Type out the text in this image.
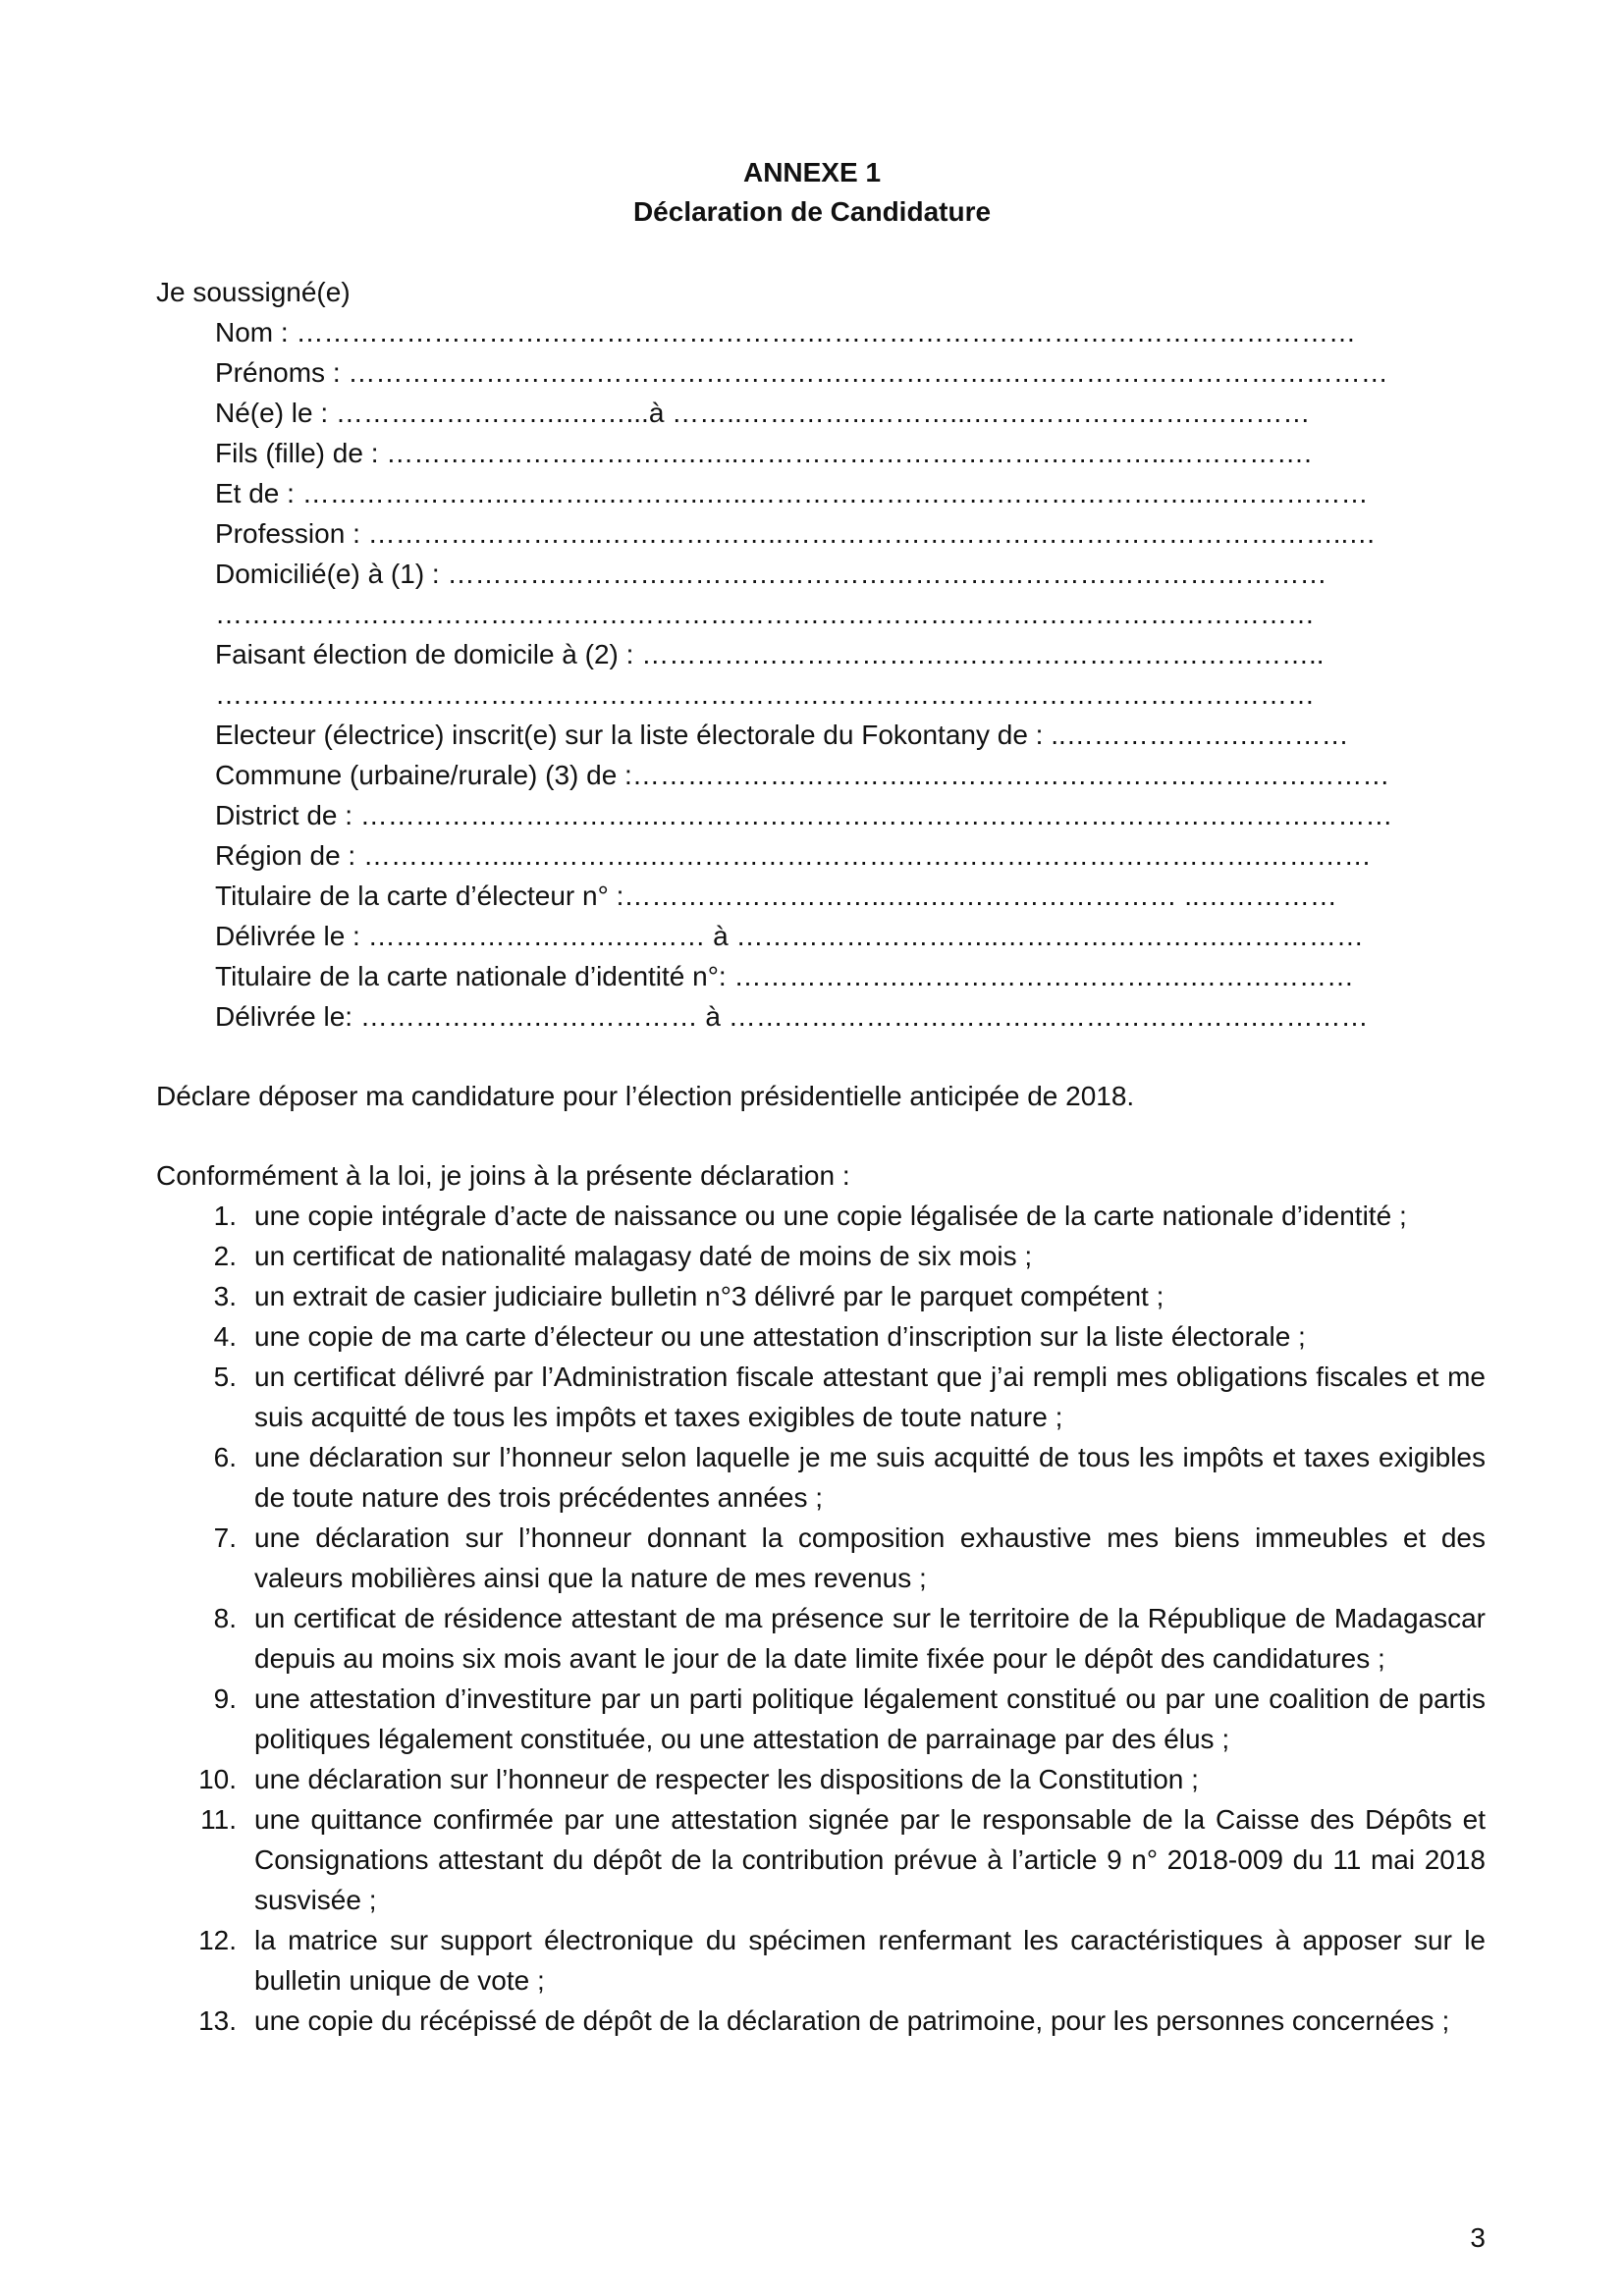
ANNEXE 1
Déclaration de Candidature
Je soussigné(e)
Nom : ……………………….……………………….……………………………………………………
Prénoms : ……………………………………………….……………..……………………………………
Né(e) le : ……………………..……...à ……..…………..………...…………………….…………
Fils (fille) de : …………………………….…..………………………………………..…………….
Et de : …………………..………..………..…..…………………………………………..………………
Profession : ……………………..………………..……………………………………………………..…
Domicilié(e) à (1) : ……………………………………………………………………………………
…………………………………………………………………………………………………………
Faisant élection de domicile à (2) : …………………………….…………………………………..
…………………………………………………………………………………………………………
Electeur (électrice) inscrit(e) sur la liste électorale du Fokontany de : ..……………….…………
Commune (urbaine/rurale) (3) de :…………………………..……………………………………………
District de : …………………………..………………………………………………………………………
Région de : ……………...…………..………………………………………………………….…………
Titulaire de la carte d’électeur n° :………………………..…..……………………… ..……………
Délivrée le : ……………………….……… à ………………………..…………………….……………
Titulaire de la carte nationale d’identité n°: ……………….………………………….………………
Délivrée le: ……………….……………… à ………………………………………………….…………
Déclare déposer ma candidature pour l’élection présidentielle anticipée de 2018.
Conformément à la loi, je joins à la présente déclaration :
1. une copie intégrale d’acte de naissance ou une copie légalisée de la carte nationale d’identité ;
2. un certificat de nationalité malagasy daté de moins de six mois ;
3. un extrait de casier judiciaire bulletin n°3 délivré par le parquet compétent ;
4. une copie de ma carte d’électeur ou une attestation d’inscription sur la liste électorale ;
5. un certificat délivré par l’Administration fiscale attestant que j’ai rempli mes obligations fiscales et me suis acquitté de tous les impôts et taxes exigibles de toute nature ;
6. une déclaration sur l’honneur selon laquelle je me suis acquitté de tous les impôts et taxes exigibles de toute nature des trois précédentes années ;
7. une déclaration sur l’honneur donnant la composition exhaustive mes biens immeubles et des valeurs mobilières ainsi que la nature de mes revenus ;
8. un certificat de résidence attestant de ma présence sur le territoire de la République de Madagascar depuis au moins six mois avant le jour de la date limite fixée pour le dépôt des candidatures ;
9. une attestation d’investiture par un parti politique légalement constitué ou par une coalition de partis politiques légalement constituée, ou une attestation de parrainage par des élus ;
10. une déclaration sur l’honneur de respecter les dispositions de la Constitution ;
11. une quittance confirmée par une attestation signée par le responsable de la Caisse des Dépôts et Consignations attestant du dépôt de la contribution prévue à l’article 9 n° 2018-009 du 11 mai 2018 susvisée ;
12. la matrice sur support électronique du spécimen renfermant les caractéristiques à apposer sur le bulletin unique de vote ;
13. une copie du récépissé de dépôt de la déclaration de patrimoine, pour les personnes concernées ;
3
